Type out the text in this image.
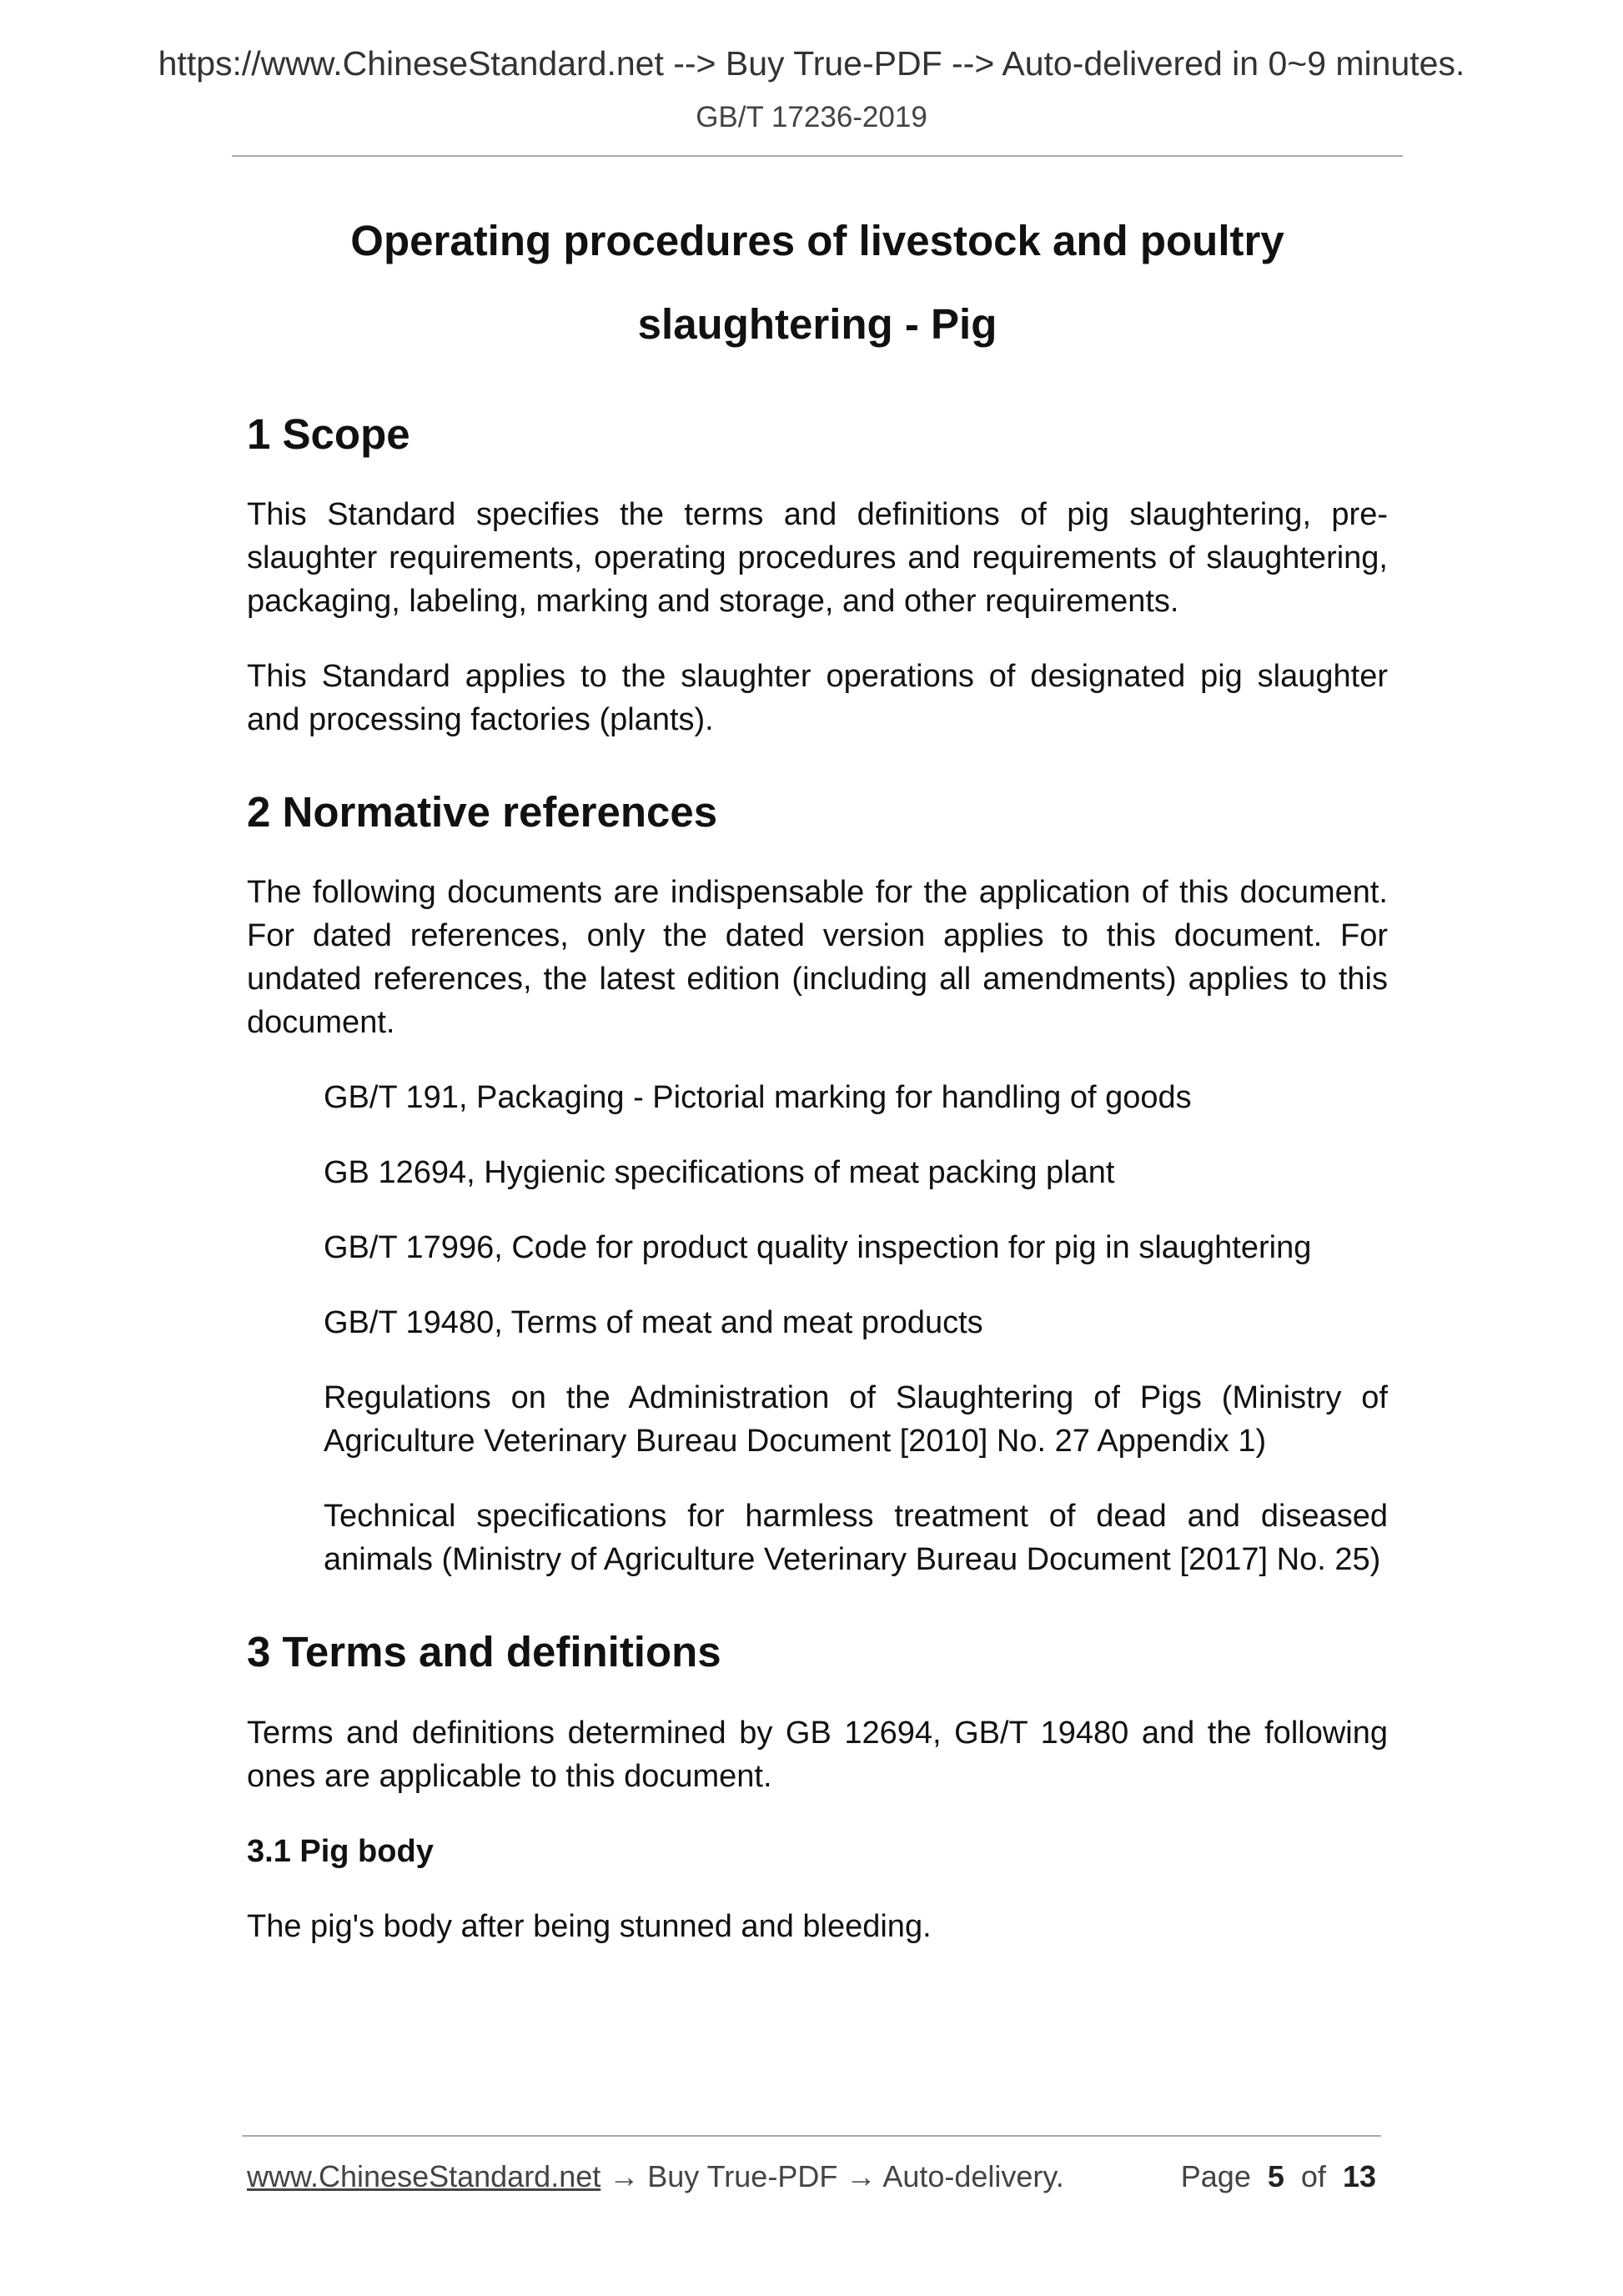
https://www.ChineseStandard.net --> Buy True-PDF --> Auto-delivered in 0~9 minutes.
GB/T 17236-2019
Operating procedures of livestock and poultry
slaughtering - Pig
1 Scope

This Standard specifies the terms and definitions of pig slaughtering, pre-slaughter requirements, operating procedures and requirements of slaughtering, packaging, labeling, marking and storage, and other requirements.

This Standard applies to the slaughter operations of designated pig slaughter and processing factories (plants).

2 Normative references

The following documents are indispensable for the application of this document. For dated references, only the dated version applies to this document. For undated references, the latest edition (including all amendments) applies to this document.

GB/T 191, Packaging - Pictorial marking for handling of goods

GB 12694, Hygienic specifications of meat packing plant

GB/T 17996, Code for product quality inspection for pig in slaughtering

GB/T 19480, Terms of meat and meat products

Regulations on the Administration of Slaughtering of Pigs (Ministry of Agriculture Veterinary Bureau Document [2010] No. 27 Appendix 1)

Technical specifications for harmless treatment of dead and diseased animals (Ministry of Agriculture Veterinary Bureau Document [2017] No. 25)

3 Terms and definitions

Terms and definitions determined by GB 12694, GB/T 19480 and the following ones are applicable to this document.

3.1 Pig body

The pig's body after being stunned and bleeding.

www.ChineseStandard.net → Buy True-PDF → Auto-delivery.	Page 5 of 13
